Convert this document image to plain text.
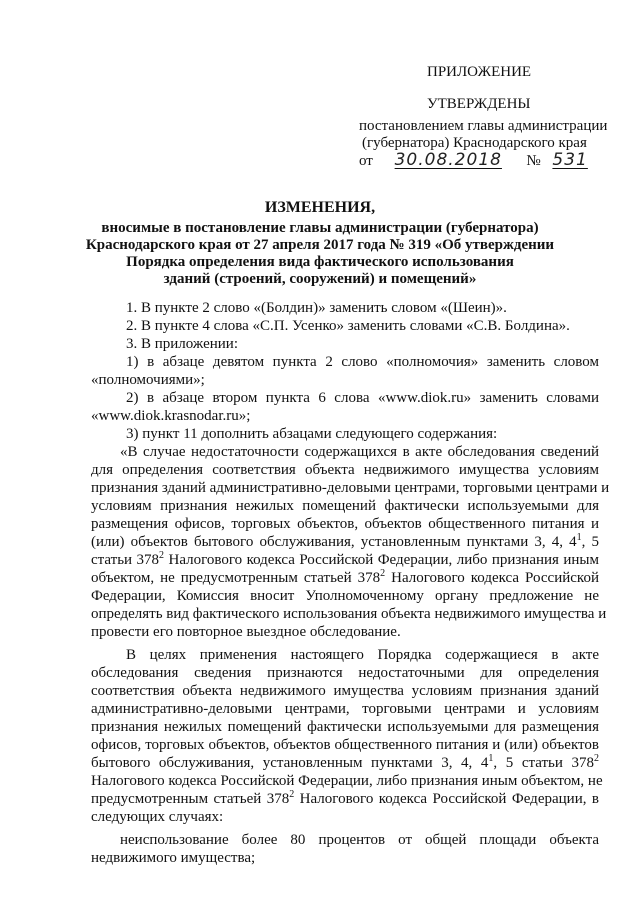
ПРИЛОЖЕНИЕ
УТВЕРЖДЕНЫ
постановлением главы администрации
(губернатора) Краснодарского края
от 30.08.2018 № 531
ИЗМЕНЕНИЯ,
вносимые в постановление главы администрации (губернатора)
Краснодарского края от 27 апреля 2017 года № 319 «Об утверждении
Порядка определения вида фактического использования
зданий (строений, сооружений) и помещений»
1. В пункте 2 слово «(Болдин)» заменить словом «(Шеин)».
2. В пункте 4 слова «С.П. Усенко» заменить словами «С.В. Болдина».
3. В приложении:
1) в абзаце девятом пункта 2 слово «полномочия» заменить словом
«полномочиями»;
2) в абзаце втором пункта 6 слова «www.diok.ru» заменить словами
«www.diok.krasnodar.ru»;
3) пункт 11 дополнить абзацами следующего содержания:
«В случае недостаточности содержащихся в акте обследования сведений
для определения соответствия объекта недвижимого имущества условиям
признания зданий административно-деловыми центрами, торговыми центрами и
условиям признания нежилых помещений фактически используемыми для
размещения офисов, торговых объектов, объектов общественного питания и
(или) объектов бытового обслуживания, установленным пунктами 3, 4, $4^1$, 5
статьи $378^2$ Налогового кодекса Российской Федерации, либо признания иным
объектом, не предусмотренным статьей $378^2$ Налогового кодекса Российской
Федерации, Комиссия вносит Уполномоченному органу предложение не
определять вид фактического использования объекта недвижимого имущества и
провести его повторное выездное обследование.
В целях применения настоящего Порядка содержащиеся в акте
обследования сведения признаются недостаточными для определения
соответствия объекта недвижимого имущества условиям признания зданий
административно-деловыми центрами, торговыми центрами и условиям
признания нежилых помещений фактически используемыми для размещения
офисов, торговых объектов, объектов общественного питания и (или) объектов
бытового обслуживания, установленным пунктами 3, 4, $4^1$, 5 статьи $378^2$
Налогового кодекса Российской Федерации, либо признания иным объектом, не
предусмотренным статьей $378^2$ Налогового кодекса Российской Федерации, в
следующих случаях:
неиспользование более 80 процентов от общей площади объекта
недвижимого имущества;
